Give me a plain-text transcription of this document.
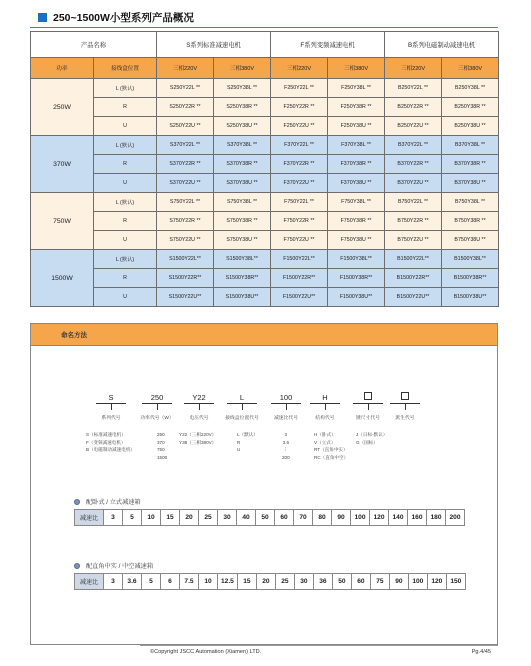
250~1500W小型系列产品概况
产品名称		S系列标准减速电机		F系列变频减速电机		B系列电磁制动减速电机	
功率	接线盒位置	三相220V	三相380V	三相220V	三相380V	三相220V	三相380V
250W	L (默认)	S250Y22L **	S250Y38L **	F250Y22L **	F250Y38L **	B250Y22L **	B250Y38L **
	R	S250Y22R **	S250Y38R **	F250Y22R **	F250Y38R **	B250Y22R **	B250Y38R **
	U	S250Y22U **	S250Y38U **	F250Y22U **	F250Y38U **	B250Y22U **	B250Y38U **
370W	L (默认)	S370Y22L **	S370Y38L **	F370Y22L **	F370Y38L **	B370Y22L **	B370Y38L **
	R	S370Y22R **	S370Y38R **	F370Y22R **	F370Y38R **	B370Y22R **	B370Y38R **
	U	S370Y22U **	S370Y38U **	F370Y22U **	F370Y38U **	B370Y22U **	B370Y38U **
750W	L (默认)	S750Y22L **	S750Y38L **	F750Y22L **	F750Y38L **	B750Y22L **	B750Y38L **
	R	S750Y22R **	S750Y38R **	F750Y22R **	F750Y38R **	B750Y22R **	B750Y38R **
	U	S750Y22U **	S750Y38U **	F750Y22U **	F750Y38U **	B750Y22U **	B750Y38U **
1500W	L (默认)	S1500Y22L**	S1500Y38L**	F1500Y22L**	F1500Y38L**	B1500Y22L**	B1500Y38L**
	R	S1500Y22R**	S1500Y38R**	F1500Y22R**	F1500Y38R**	B1500Y22R**	B1500Y38R**
	U	S1500Y22U**	S1500Y38U**	F1500Y22U**	F1500Y38U**	B1500Y22U**	B1500Y38U**
命名方法
S	250	Y22	L	100	H
系列代号	功率代号（W）	电压代号	接线盒位置代号	减速比代号	结构代号	键尺寸代号	派生代号
S（标准减速电机）
F（变频减速电机）
B（电磁制动减速电机）
250
370
750
1500
Y22（三相220V）
Y38（三相380V）
L（默认）
R
U
3
3.6
⋮
200
H（卧式）
V（立式）
RT（直角中实）
RC（直角中空）
J（日标-默认）
G（国标）
配卧式 / 立式减速箱
减速比	3	5	10	15	20	25	30	40	50	60	70	80	90	100	120	140	160	180	200
配直角中实 / 中空减速箱
减速比	3	3.6	5	6	7.5	10	12.5	15	20	25	30	36	50	60	75	90	100	120	150
©Copyright JSCC Automation (Xiamen) LTD.	Pg.4/45
